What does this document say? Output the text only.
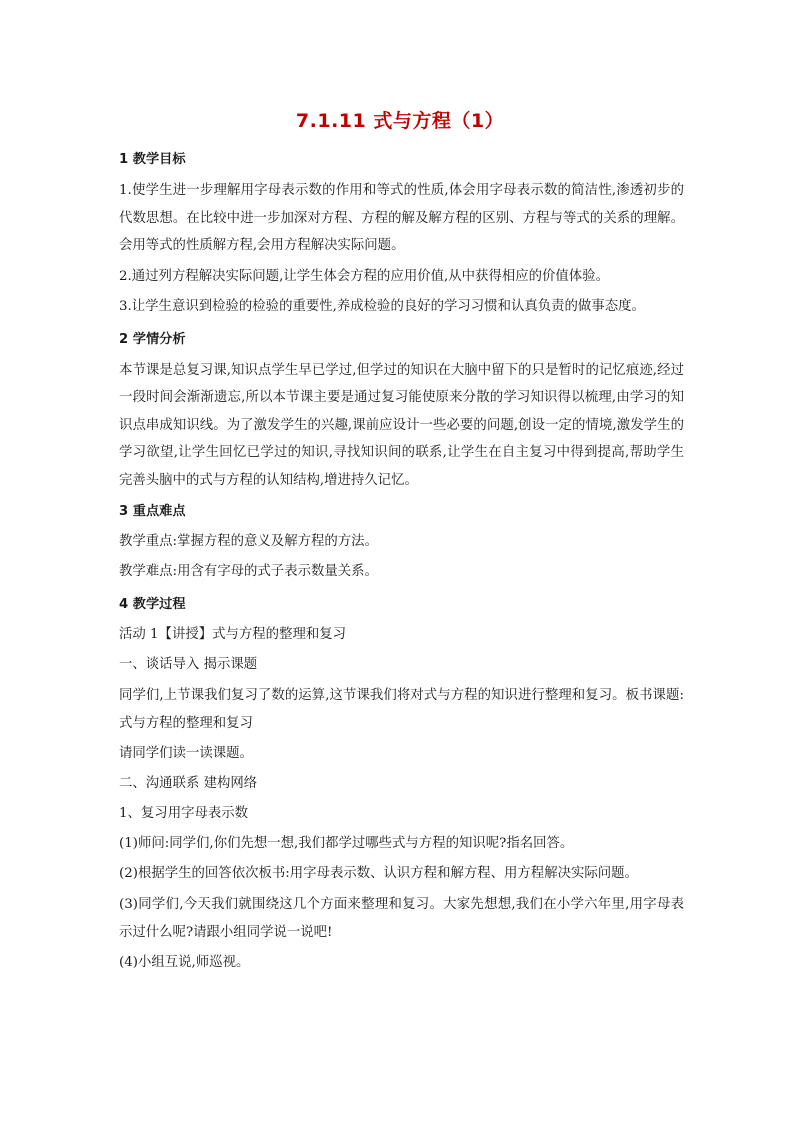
7.1.11 式与方程（1）
1 教学目标
1.使学生进一步理解用字母表示数的作用和等式的性质,体会用字母表示数的简洁性,渗透初步的代数思想。在比较中进一步加深对方程、方程的解及解方程的区别、方程与等式的关系的理解。会用等式的性质解方程,会用方程解决实际问题。
2.通过列方程解决实际问题,让学生体会方程的应用价值,从中获得相应的价值体验。
3.让学生意识到检验的检验的重要性,养成检验的良好的学习习惯和认真负责的做事态度。
2 学情分析
本节课是总复习课,知识点学生早已学过,但学过的知识在大脑中留下的只是暂时的记忆痕迹,经过一段时间会渐渐遗忘,所以本节课主要是通过复习能使原来分散的学习知识得以梳理,由学习的知识点串成知识线。为了激发学生的兴趣,课前应设计一些必要的问题,创设一定的情境,激发学生的学习欲望,让学生回忆已学过的知识,寻找知识间的联系,让学生在自主复习中得到提高,帮助学生完善头脑中的式与方程的认知结构,增进持久记忆。
3 重点难点
教学重点:掌握方程的意义及解方程的方法。
教学难点:用含有字母的式子表示数量关系。
4 教学过程
活动 1【讲授】式与方程的整理和复习
一、谈话导入 揭示课题
同学们,上节课我们复习了数的运算,这节课我们将对式与方程的知识进行整理和复习。板书课题:式与方程的整理和复习
请同学们读一读课题。
二、沟通联系 建构网络
1、复习用字母表示数
(1)师问:同学们,你们先想一想,我们都学过哪些式与方程的知识呢?指名回答。
(2)根据学生的回答依次板书:用字母表示数、认识方程和解方程、用方程解决实际问题。
(3)同学们,今天我们就围绕这几个方面来整理和复习。大家先想想,我们在小学六年里,用字母表示过什么呢?请跟小组同学说一说吧!
(4)小组互说,师巡视。
